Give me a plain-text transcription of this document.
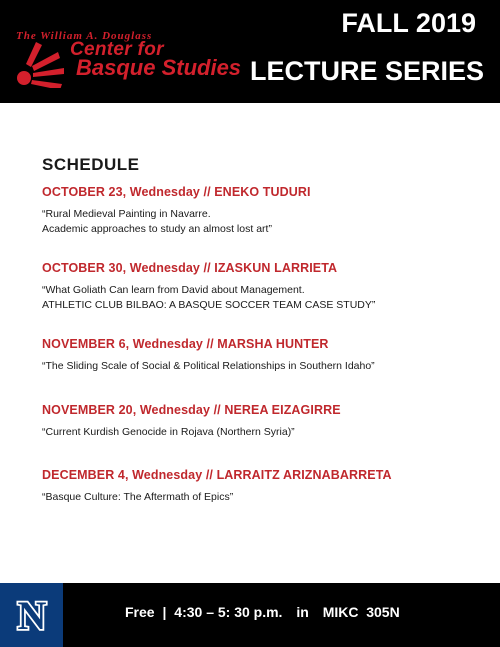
The William A. Douglass
Center for
Basque Studies
FALL 2019
LECTURE SERIES
SCHEDULE
OCTOBER 23, Wednesday // ENEKO TUDURI
“Rural Medieval Painting in Navarre.
Academic approaches to study an almost lost art”
OCTOBER 30, Wednesday // IZASKUN LARRIETA
“What Goliath Can learn from David about Management.
ATHLETIC CLUB BILBAO: A BASQUE SOCCER TEAM CASE STUDY”
NOVEMBER 6, Wednesday // MARSHA HUNTER
“The Sliding Scale of Social & Political Relationships in Southern Idaho”
NOVEMBER 20, Wednesday // NEREA EIZAGIRRE
“Current Kurdish Genocide in Rojava (Northern Syria)”
DECEMBER 4, Wednesday // LARRAITZ ARIZNABARRETA
“Basque Culture: The Aftermath of Epics”
N	Free | 4:30 – 5: 30 p.m. in MIKC  305N
